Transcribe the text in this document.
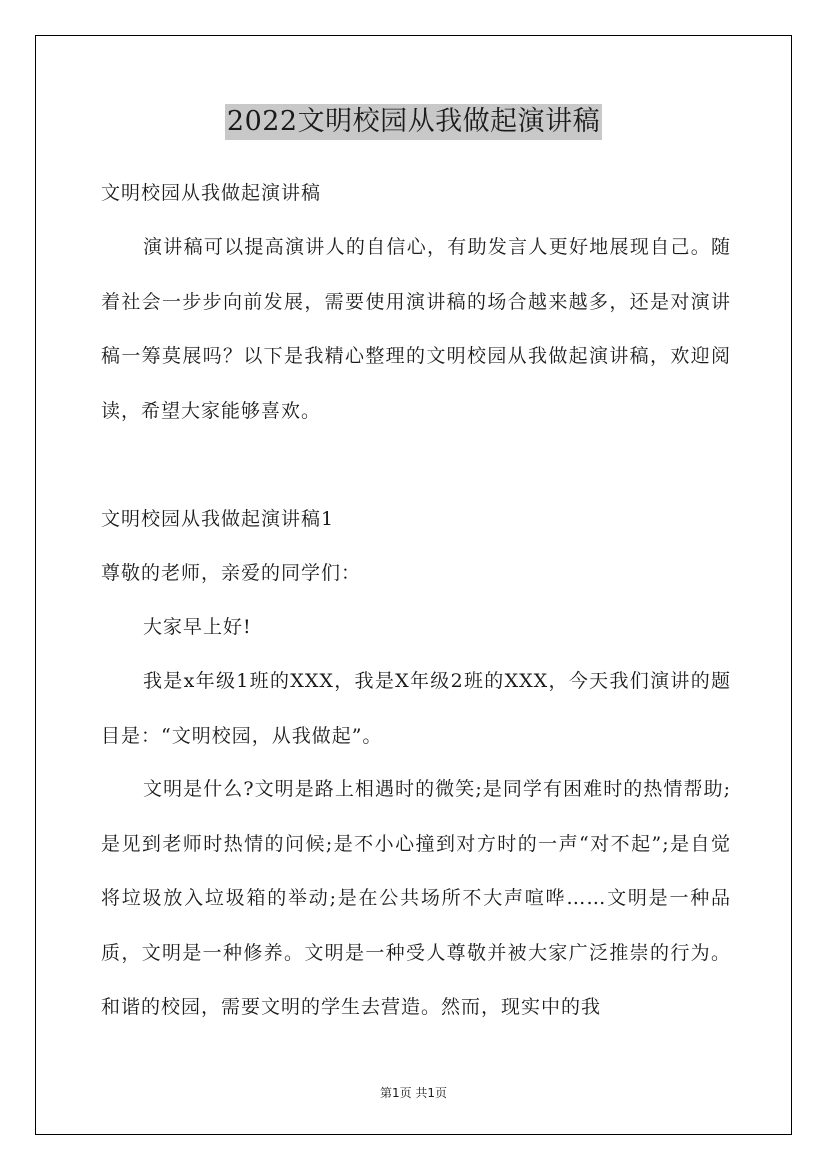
2022文明校园从我做起演讲稿

文明校园从我做起演讲稿

演讲稿可以提高演讲人的自信心，有助发言人更好地展现自己。随着社会一步步向前发展，需要使用演讲稿的场合越来越多，还是对演讲稿一筹莫展吗？以下是我精心整理的文明校园从我做起演讲稿，欢迎阅读，希望大家能够喜欢。

文明校园从我做起演讲稿1

尊敬的老师，亲爱的同学们：

大家早上好!

我是x年级1班的XXX，我是X年级2班的XXX，今天我们演讲的题目是：“文明校园，从我做起”。

文明是什么?文明是路上相遇时的微笑;是同学有困难时的热情帮助;是见到老师时热情的问候;是不小心撞到对方时的一声“对不起”;是自觉将垃圾放入垃圾箱的举动;是在公共场所不大声喧哗……文明是一种品质，文明是一种修养。文明是一种受人尊敬并被大家广泛推崇的行为。和谐的校园，需要文明的学生去营造。然而，现实中的我

第1页 共1页
